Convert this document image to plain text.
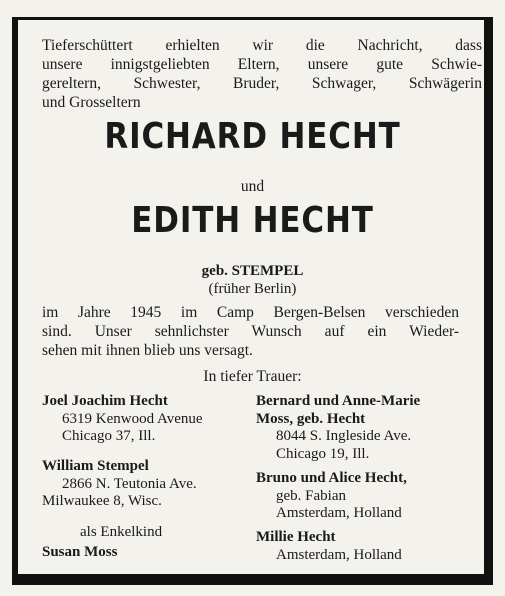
Tieferschüttert erhielten wir die Nachricht, dass
unsere innigstgeliebten Eltern, unsere gute Schwie-
gereltern, Schwester, Bruder, Schwager, Schwägerin
und Grosseltern
RICHARD HECHT
und
EDITH HECHT
geb. STEMPEL
(früher Berlin)
im Jahre 1945 im Camp Bergen-Belsen verschieden
sind. Unser sehnlichster Wunsch auf ein Wieder-
sehen mit ihnen blieb uns versagt.
In tiefer Trauer:
Joel Joachim Hecht
6319 Kenwood Avenue
Chicago 37, Ill.
William Stempel
2866 N. Teutonia Ave.
Milwaukee 8, Wisc.
als Enkelkind
Susan Moss
Bernard und Anne-Marie
Moss, geb. Hecht
8044 S. Ingleside Ave.
Chicago 19, Ill.
Bruno und Alice Hecht,
geb. Fabian
Amsterdam, Holland
Millie Hecht
Amsterdam, Holland
